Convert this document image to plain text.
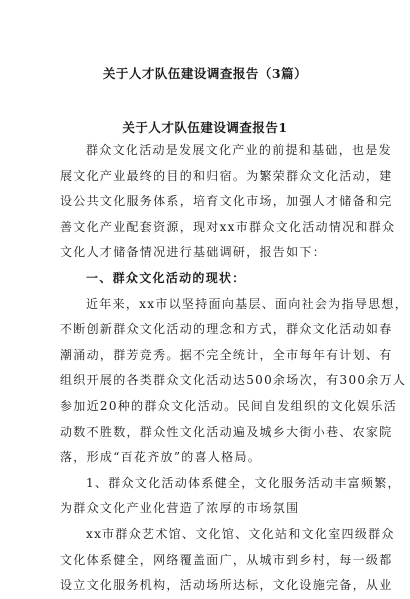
关于人才队伍建设调查报告（3篇）
关于人才队伍建设调查报告1
群众文化活动是发展文化产业的前提和基础，也是发
展文化产业最终的目的和归宿。为繁荣群众文化活动，建
设公共文化服务体系，培育文化市场，加强人才储备和完
善文化产业配套资源，现对xx市群众文化活动情况和群众
文化人才储备情况进行基础调研，报告如下：
一、群众文化活动的现状：
近年来，xx市以坚持面向基层、面向社会为指导思想，
不断创新群众文化活动的理念和方式，群众文化活动如春
潮涌动，群芳竞秀。据不完全统计，全市每年有计划、有
组织开展的各类群众文化活动达500余场次，有300余万人
参加近20种的群众文化活动。民间自发组织的文化娱乐活
动数不胜数，群众性文化活动遍及城乡大街小巷、农家院
落，形成“百花齐放”的喜人格局。
1、群众文化活动体系健全，文化服务活动丰富频繁，
为群众文化产业化营造了浓厚的市场氛围
xx市群众艺术馆、文化馆、文化站和文化室四级群众
文化体系健全，网络覆盖面广，从城市到乡村，每一级都
设立文化服务机构，活动场所达标，文化设施完备，从业
